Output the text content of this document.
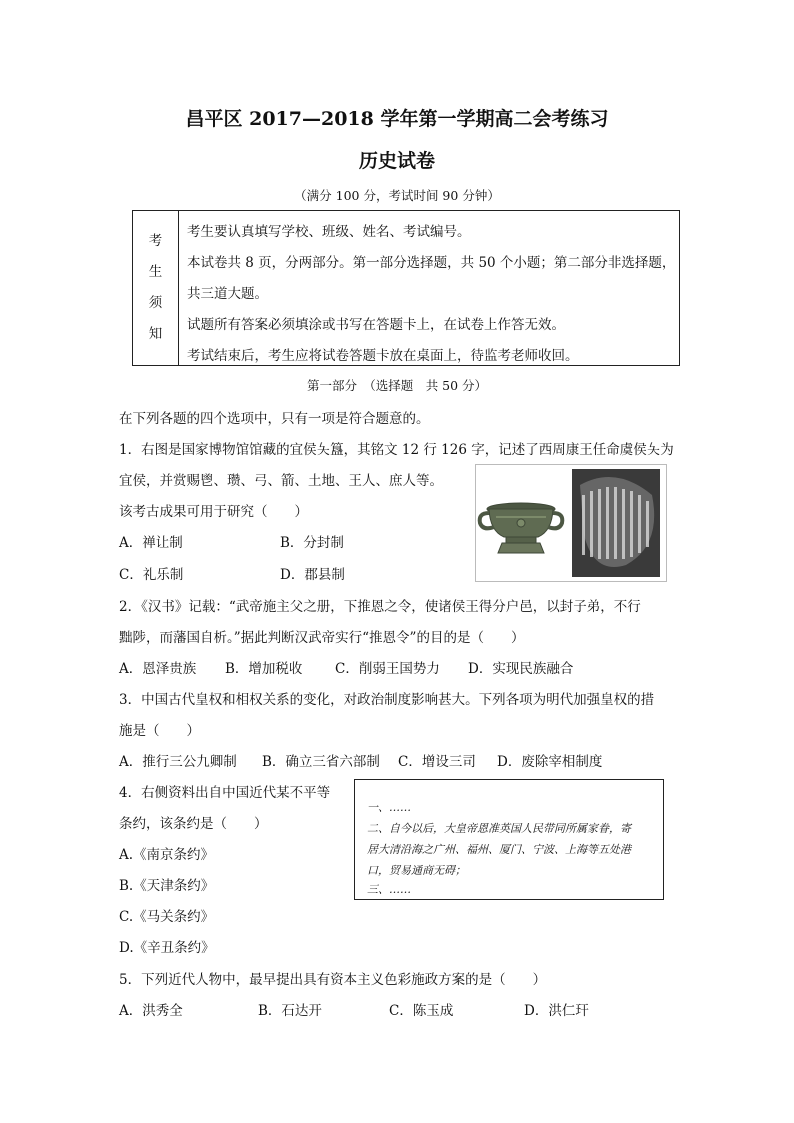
昌平区 2017—2018 学年第一学期高二会考练习
历史试卷
（满分 100 分，考试时间 90 分钟）
考
生
须
知
考生要认真填写学校、班级、姓名、考试编号。
本试卷共 8 页，分两部分。第一部分选择题，共 50 个小题；第二部分非选择题，
共三道大题。
试题所有答案必须填涂或书写在答题卡上，在试卷上作答无效。
考试结束后，考生应将试卷答题卡放在桌面上，待监考老师收回。
第一部分　（选择题　共 50 分）
在下列各题的四个选项中，只有一项是符合题意的。
1．右图是国家博物馆馆藏的宜侯夨簋，其铭文 12 行 126 字，记述了西周康王任命虞侯夨为
宜侯，并赏赐鬯、瓒、弓、箭、土地、王人、庶人等。
该考古成果可用于研究（　　）
A．禅让制	B．分封制
C．礼乐制	D．郡县制
2．《汉书》记载：“武帝施主父之册，下推恩之令，使诸侯王得分户邑，以封子弟，不行
黜陟，而藩国自析。”据此判断汉武帝实行“推恩令”的目的是（　　）
A．恩泽贵族 B．增加税收 C．削弱王国势力 D．实现民族融合
3．中国古代皇权和相权关系的变化，对政治制度影响甚大。下列各项为明代加强皇权的措
施是（　　）
A．推行三公九卿制 B．确立三省六部制 C．增设三司 D．废除宰相制度
4．右侧资料出自中国近代某不平等
条约，该条约是（　　）
A.《南京条约》
B.《天津条约》
C.《马关条约》
D.《辛丑条约》
一、……
二、自今以后，大皇帝恩准英国人民带同所属家眷，寄
居大清沿海之广州、福州、厦门、宁波、上海等五处港
口，贸易通商无碍；
三、……
5．下列近代人物中，最早提出具有资本主义色彩施政方案的是（　　）
A．洪秀全	B．石达开	C．陈玉成	D．洪仁玕
